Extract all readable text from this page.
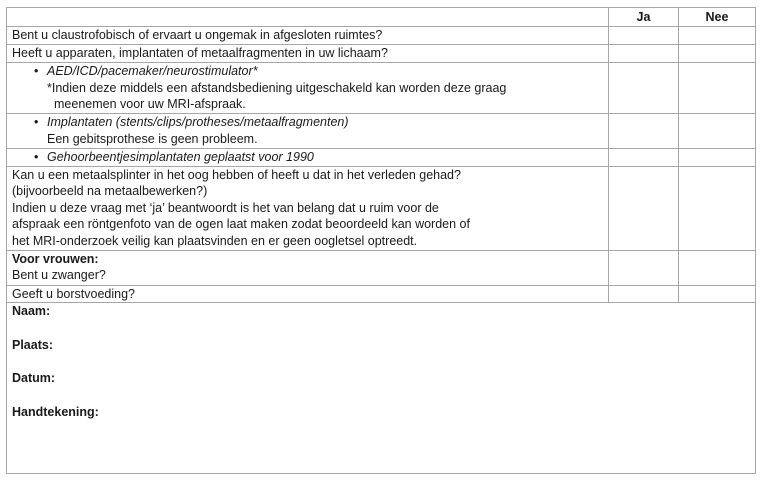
	Ja	Nee
Bent u claustrofobisch of ervaart u ongemak in afgesloten ruimtes?		
Heeft u apparaten, implantaten of metaalfragmenten in uw lichaam?		

• AED/ICD/pacemaker/neurostimulator*
*Indien deze middels een afstandsbediening uitgeschakeld kan worden deze graag
meenemen voor uw MRI-afspraak.		

• Implantaten (stents/clips/protheses/metaalfragmenten)
Een gebitsprothese is geen probleem.		

• Gehoorbeentjesimplantaten geplaatst voor 1990		

Kan u een metaalsplinter in het oog hebben of heeft u dat in het verleden gehad?
(bijvoorbeeld na metaalbewerken?)
Indien u deze vraag met ‘ja’ beantwoordt is het van belang dat u ruim voor de
afspraak een röntgenfoto van de ogen laat maken zodat beoordeeld kan worden of
het MRI-onderzoek veilig kan plaatsvinden en er geen oogletsel optreedt.		

Voor vrouwen:
Bent u zwanger?		

Geeft u borstvoeding?		

Naam:
Plaats:
Datum:
Handtekening:		
